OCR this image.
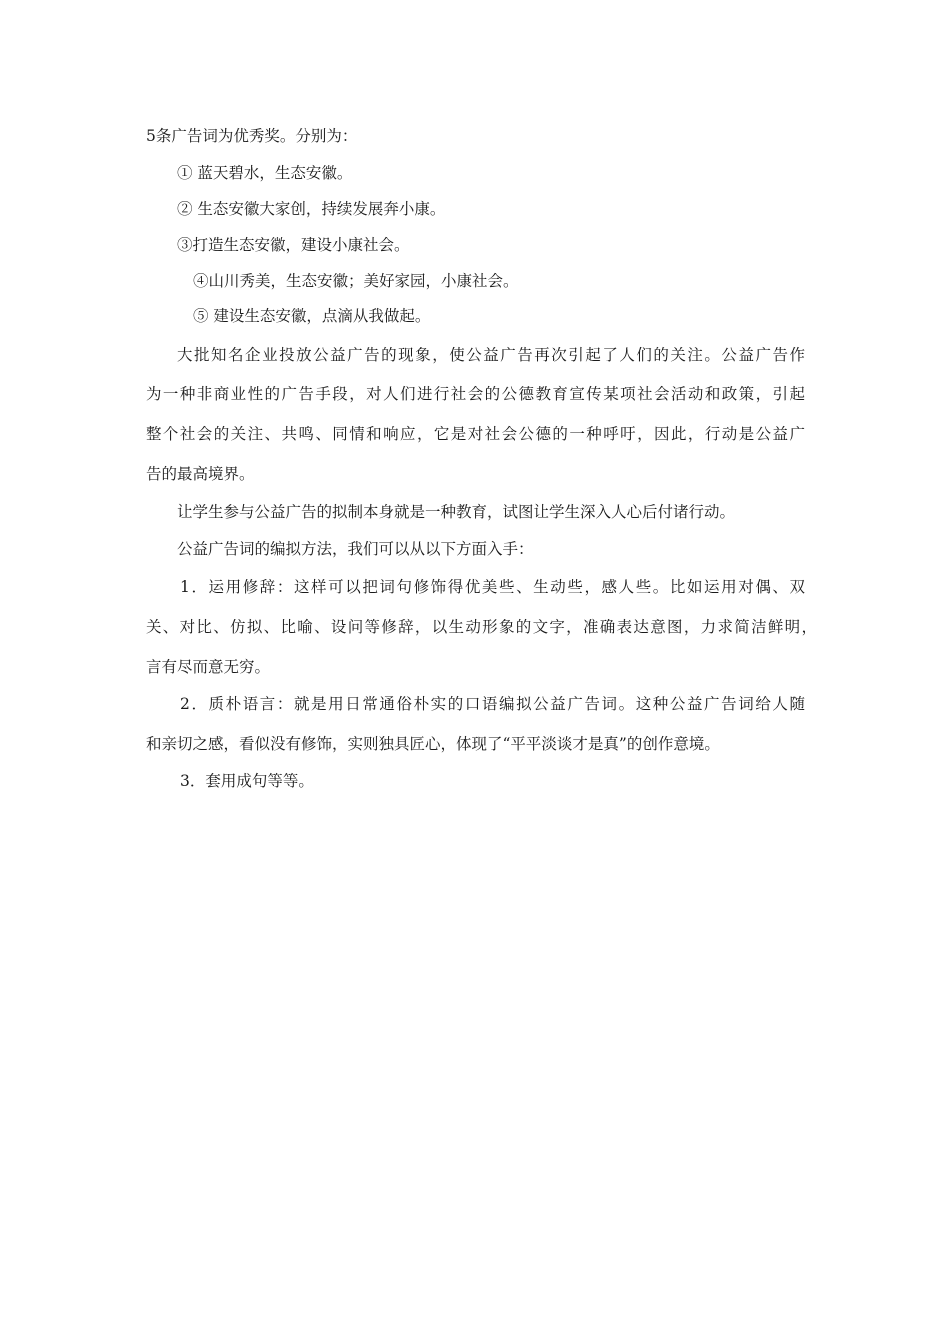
5条广告词为优秀奖。分别为：
① 蓝天碧水，生态安徽。
② 生态安徽大家创，持续发展奔小康。
③打造生态安徽，建设小康社会。
④山川秀美，生态安徽；美好家园，小康社会。
⑤ 建设生态安徽，点滴从我做起。
大批知名企业投放公益广告的现象，使公益广告再次引起了人们的关注。公益广告作
为一种非商业性的广告手段，对人们进行社会的公德教育宣传某项社会活动和政策，引起
整个社会的关注、共鸣、同情和响应，它是对社会公德的一种呼吁，因此，行动是公益广
告的最高境界。
让学生参与公益广告的拟制本身就是一种教育，试图让学生深入人心后付诸行动。
公益广告词的编拟方法，我们可以从以下方面入手：
1．运用修辞：这样可以把词句修饰得优美些、生动些，感人些。比如运用对偶、双
关、对比、仿拟、比喻、设问等修辞，以生动形象的文字，准确表达意图，力求简洁鲜明，
言有尽而意无穷。
2．质朴语言：就是用日常通俗朴实的口语编拟公益广告词。这种公益广告词给人随
和亲切之感，看似没有修饰，实则独具匠心，体现了“平平淡谈才是真”的创作意境。
3．套用成句等等。
